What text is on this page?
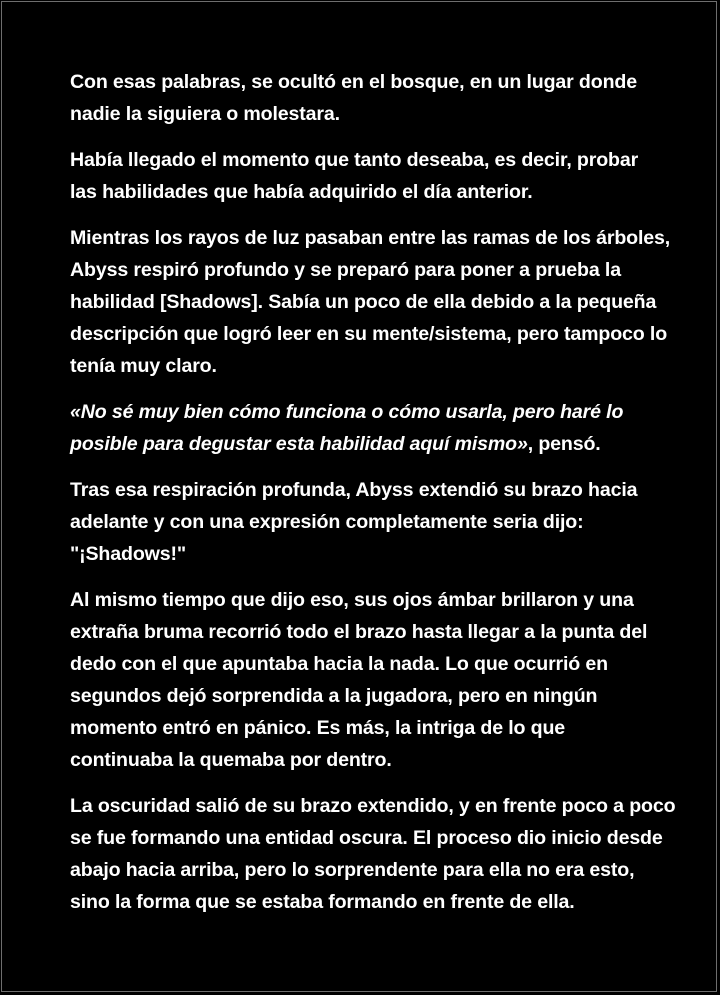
Con esas palabras, se ocultó en el bosque, en un lugar donde
nadie la siguiera o molestara.

Había llegado el momento que tanto deseaba, es decir, probar
las habilidades que había adquirido el día anterior.

Mientras los rayos de luz pasaban entre las ramas de los árboles,
Abyss respiró profundo y se preparó para poner a prueba la
habilidad [Shadows]. Sabía un poco de ella debido a la pequeña
descripción que logró leer en su mente/sistema, pero tampoco lo
tenía muy claro.

«No sé muy bien cómo funciona o cómo usarla, pero haré lo
posible para degustar esta habilidad aquí mismo», pensó.

Tras esa respiración profunda, Abyss extendió su brazo hacia
adelante y con una expresión completamente seria dijo:
"¡Shadows!"

Al mismo tiempo que dijo eso, sus ojos ámbar brillaron y una
extraña bruma recorrió todo el brazo hasta llegar a la punta del
dedo con el que apuntaba hacia la nada. Lo que ocurrió en
segundos dejó sorprendida a la jugadora, pero en ningún
momento entró en pánico. Es más, la intriga de lo que
continuaba la quemaba por dentro.

La oscuridad salió de su brazo extendido, y en frente poco a poco
se fue formando una entidad oscura. El proceso dio inicio desde
abajo hacia arriba, pero lo sorprendente para ella no era esto,
sino la forma que se estaba formando en frente de ella.
